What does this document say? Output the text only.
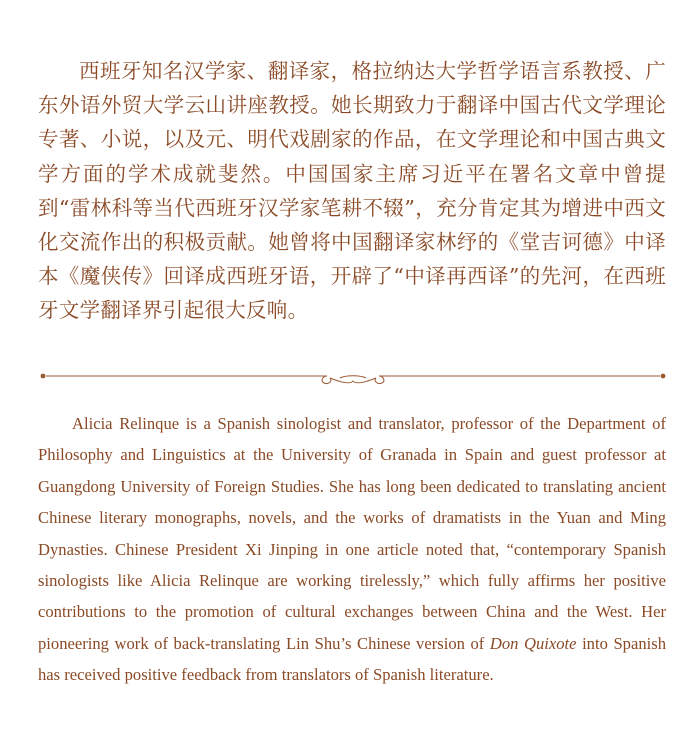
西班牙知名汉学家、翻译家，格拉纳达大学哲学语言系教授、广东外语外贸大学云山讲座教授。她长期致力于翻译中国古代文学理论专著、小说，以及元、明代戏剧家的作品，在文学理论和中国古典文学方面的学术成就斐然。中国国家主席习近平在署名文章中曾提到“雷林科等当代西班牙汉学家笔耕不辍”，充分肯定其为增进中西文化交流作出的积极贡献。她曾将中国翻译家林纾的《堂吉诃德》中译本《魔侠传》回译成西班牙语，开辟了“中译再西译”的先河，在西班牙文学翻译界引起很大反响。

Alicia Relinque is a Spanish sinologist and translator, professor of the Department of Philosophy and Linguistics at the University of Granada in Spain and guest professor at Guangdong University of Foreign Studies. She has long been dedicated to translating ancient Chinese literary monographs, novels, and the works of dramatists in the Yuan and Ming Dynasties. Chinese President Xi Jinping in one article noted that, “contemporary Spanish sinologists like Alicia Relinque are working tirelessly,” which fully affirms her positive contributions to the promotion of cultural exchanges between China and the West. Her pioneering work of back-translating Lin Shu’s Chinese version of Don Quixote into Spanish has received positive feedback from translators of Spanish literature.
